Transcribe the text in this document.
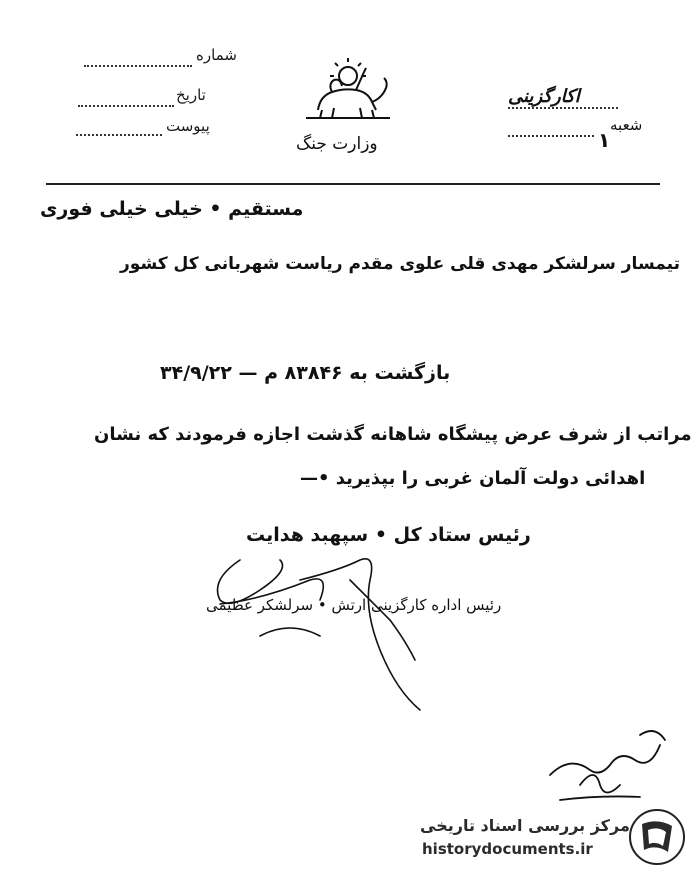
شماره
تاریخ
پیوست
وزارت جنگ
اکارگزینی
شعبه
۱
مستقیم • خیلی خیلی فوری
تیمسار سرلشکر مهدی قلی علوی مقدم ریاست شهربانی کل کشور
بازگشت به ۸۳۸۴۶ م — ۳۴/۹/۲۲
مراتب از شرف عرض پیشگاه شاهانه گذشت اجازه فرمودند که نشان
اهدائی دولت آلمان غربی را بپذیرید •—
رئیس ستاد کل • سپهبد هدایت
رئیس اداره کارگزینی ارتش • سرلشکر عظیمی
مرکز بررسی اسناد تاریخی
historydocuments.ir
